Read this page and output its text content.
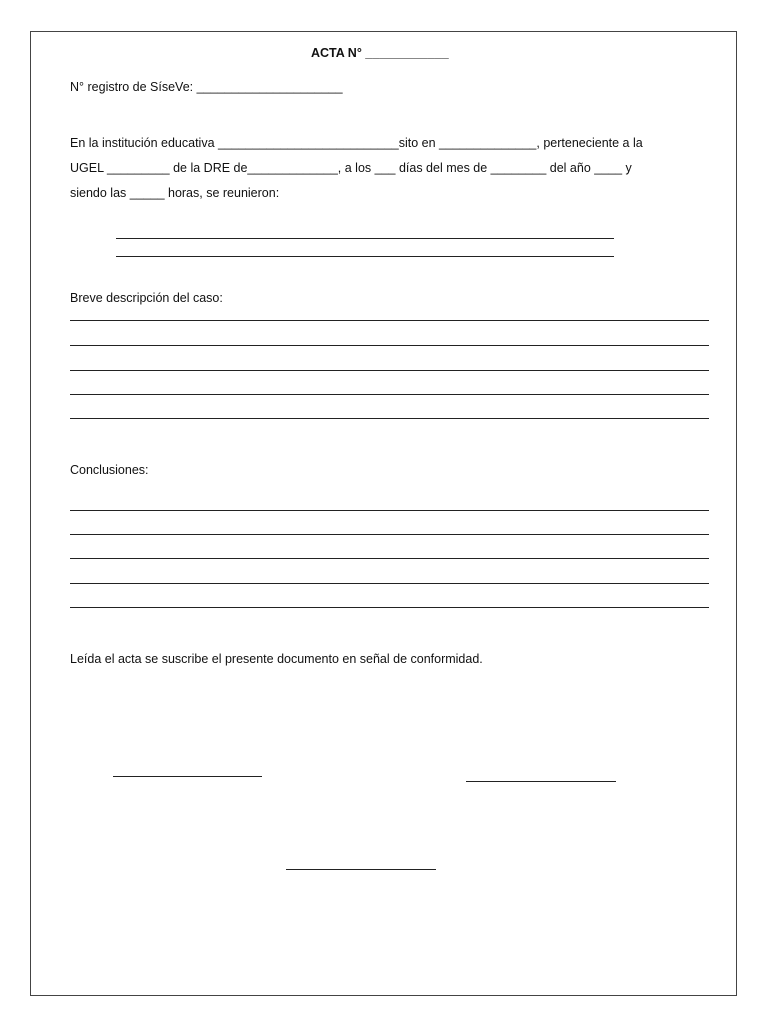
ACTA N° ____________
N° registro de SíseVe: _____________________
En la institución educativa __________________________sito en ______________, perteneciente a la
UGEL _________ de la DRE de_____________, a los ___ días del mes de ________ del año ____ y
siendo las _____ horas, se reunieron:
Breve descripción del caso:
Conclusiones:
Leída el acta se suscribe el presente documento en señal de conformidad.
